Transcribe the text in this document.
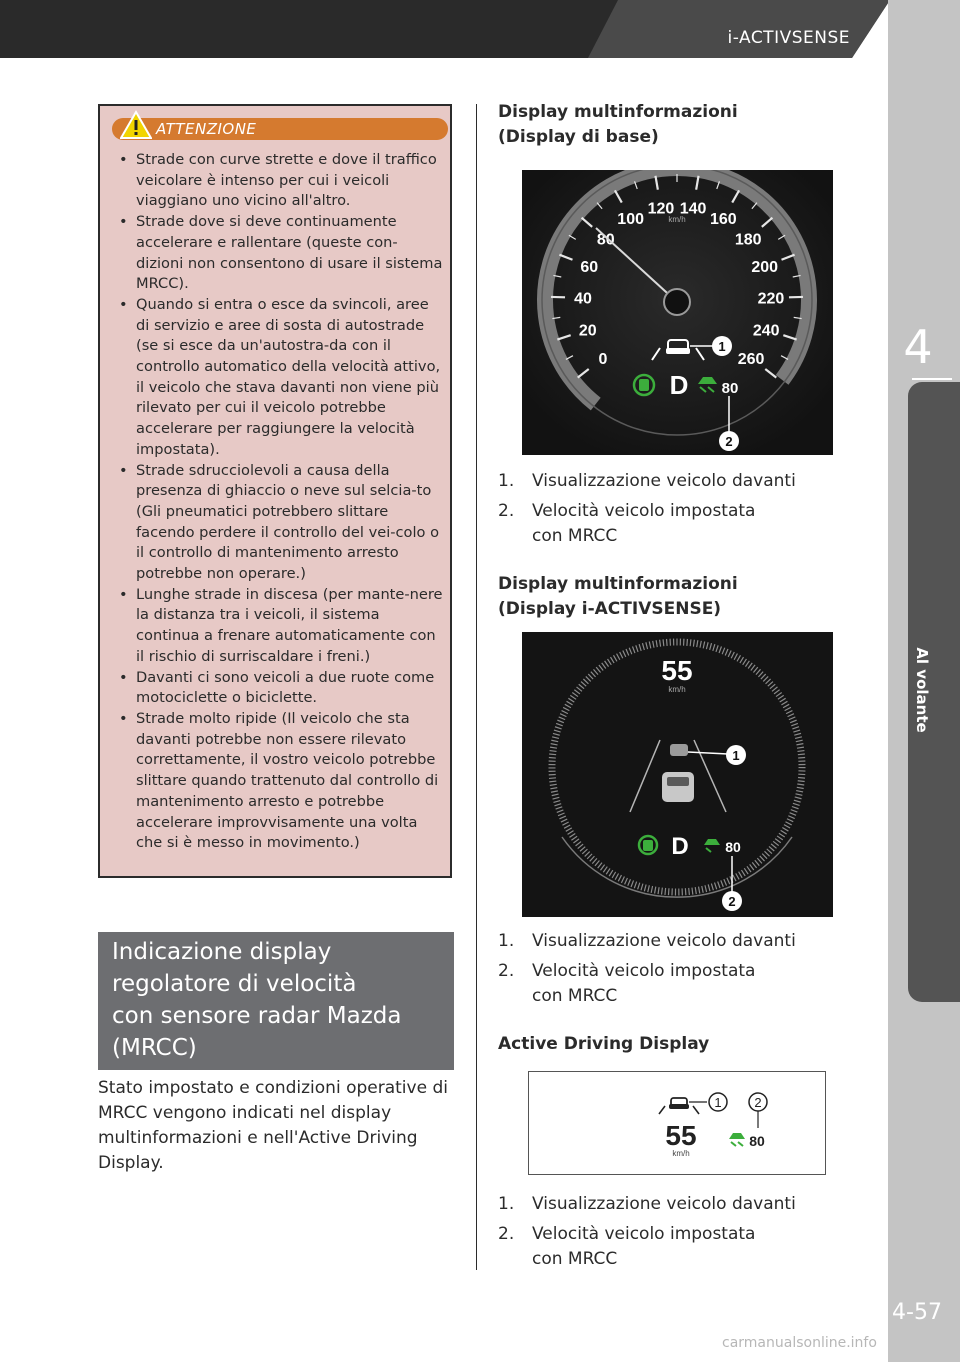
i-ACTIVSENSE
4
Al volante
4-57
ATTENZIONE
• Strade con curve strette e dove il traffico veicolare è intenso per cui i veicoli viaggiano uno vicino all'altro.
• Strade dove si deve continuamente accelerare e rallentare (queste con-dizioni non consentono di usare il sistema MRCC).
• Quando si entra o esce da svincoli, aree di servizio e aree di sosta di autostrade (se si esce da un'autostra-da con il controllo automatico della velocità attivo, il veicolo che stava davanti non viene più rilevato per cui il veicolo potrebbe accelerare per raggiungere la velocità impostata).
• Strade sdrucciolevoli a causa della presenza di ghiaccio o neve sul selcia-to (Gli pneumatici potrebbero slittare facendo perdere il controllo del vei-colo o il controllo di mantenimento arresto potrebbe non operare.)
• Lunghe strade in discesa (per mante-nere la distanza tra i veicoli, il sistema continua a frenare automaticamente con il rischio di surriscaldare i freni.)
• Davanti ci sono veicoli a due ruote come motociclette o biciclette.
• Strade molto ripide (Il veicolo che sta davanti potrebbe non essere rilevato correttamente, il vostro veicolo potrebbe slittare quando trattenuto dal controllo di mantenimento arresto e potrebbe accelerare improvvisamente una volta che si è messo in movimento.)
Indicazione display
regolatore di velocità
con sensore radar Mazda
(MRCC)
Stato impostato e condizioni operative di MRCC vengono indicati nel display multinformazioni e nell'Active Driving Display.
Display multinformazioni
(Display di base)
0
20
40
60
80
100
120 140
160
180
200
220
240
260
km/h
1
D 80
2
1. Visualizzazione veicolo davanti
2. Velocità veicolo impostata
con MRCC
Display multinformazioni
(Display i-ACTIVSENSE)
55
km/h
1
D	80
2
1. Visualizzazione veicolo davanti
2. Velocità veicolo impostata
con MRCC
Active Driving Display
1	2
55
km/h
80
1. Visualizzazione veicolo davanti
2. Velocità veicolo impostata
con MRCC
carmanualsonline.info
